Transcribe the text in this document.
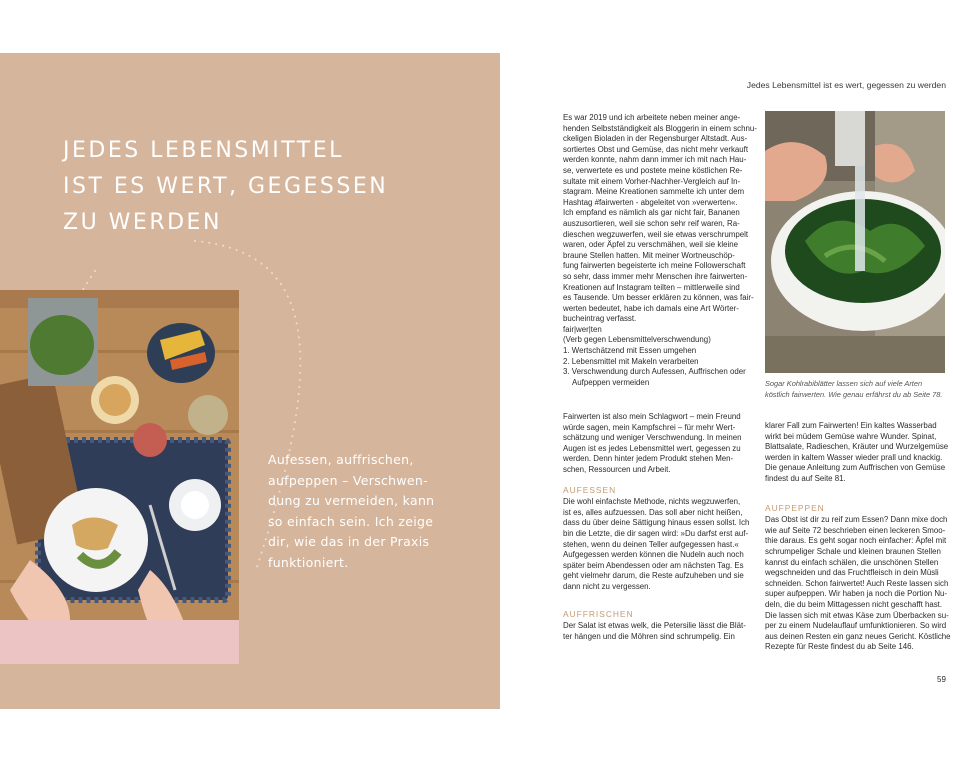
JEDES LEBENSMITTEL
IST ES WERT, GEGESSEN
ZU WERDEN
Aufessen, auffrischen,
aufpeppen – Verschwen-
dung zu vermeiden, kann
so einfach sein. Ich zeige
dir, wie das in der Praxis
funktioniert.
Jedes Lebensmittel ist es wert, gegessen zu werden
Es war 2019 und ich arbeitete neben meiner ange-
henden Selbstständigkeit als Bloggerin in einem schnu-
ckeligen Bioladen in der Regensburger Altstadt. Aus-
sortiertes Obst und Gemüse, das nicht mehr verkauft
werden konnte, nahm dann immer ich mit nach Hau-
se, verwertete es und postete meine köstlichen Re-
sultate mit einem Vorher-Nachher-Vergleich auf In-
stagram. Meine Kreationen sammelte ich unter dem
Hashtag #fairwerten - abgeleitet von »verwerten«.
Ich empfand es nämlich als gar nicht fair, Bananen
auszusortieren, weil sie schon sehr reif waren, Ra-
dieschen wegzuwerfen, weil sie etwas verschrumpelt
waren, oder Äpfel zu verschmähen, weil sie kleine
braune Stellen hatten. Mit meiner Wortneuschöp-
fung fairwerten begeisterte ich meine Followerschaft
so sehr, dass immer mehr Menschen ihre fairwerten-
Kreationen auf Instagram teilten – mittlerweile sind
es Tausende. Um besser erklären zu können, was fair-
werten bedeutet, habe ich damals eine Art Wörter-
bucheintrag verfasst.
fair|wer|ten
(Verb gegen Lebensmittelverschwendung)
1. Wertschätzend mit Essen umgehen
2. Lebensmittel mit Makeln verarbeiten
3. Verschwendung durch Aufessen, Auffrischen oder
Aufpeppen vermeiden
Fairwerten ist also mein Schlagwort – mein Freund
würde sagen, mein Kampfschrei – für mehr Wert-
schätzung und weniger Verschwendung. In meinen
Augen ist es jedes Lebensmittel wert, gegessen zu
werden. Denn hinter jedem Produkt stehen Men-
schen, Ressourcen und Arbeit.
AUFESSEN
Die wohl einfachste Methode, nichts wegzuwerfen,
ist es, alles aufzuessen. Das soll aber nicht heißen,
dass du über deine Sättigung hinaus essen sollst. Ich
bin die Letzte, die dir sagen wird: »Du darfst erst auf-
stehen, wenn du deinen Teller aufgegessen hast.«
Aufgegessen werden können die Nudeln auch noch
später beim Abendessen oder am nächsten Tag. Es
geht vielmehr darum, die Reste aufzuheben und sie
dann nicht zu vergessen.
AUFFRISCHEN
Der Salat ist etwas welk, die Petersilie lässt die Blät-
ter hängen und die Möhren sind schrumpelig. Ein
Sogar Kohlrabiblätter lassen sich auf viele Arten
köstlich fairwerten. Wie genau erfährst du ab Seite 78.
klarer Fall zum Fairwerten! Ein kaltes Wasserbad
wirkt bei müdem Gemüse wahre Wunder. Spinat,
Blattsalate, Radieschen, Kräuter und Wurzelgemüse
werden in kaltem Wasser wieder prall und knackig.
Die genaue Anleitung zum Auffrischen von Gemüse
findest du auf Seite 81.
AUFPEPPEN
Das Obst ist dir zu reif zum Essen? Dann mixe doch
wie auf Seite 72 beschrieben einen leckeren Smoo-
thie daraus. Es geht sogar noch einfacher: Äpfel mit
schrumpeliger Schale und kleinen braunen Stellen
kannst du einfach schälen, die unschönen Stellen
wegschneiden und das Fruchtfleisch in dein Müsli
schneiden. Schon fairwertet! Auch Reste lassen sich
super aufpeppen. Wir haben ja noch die Portion Nu-
deln, die du beim Mittagessen nicht geschafft hast.
Die lassen sich mit etwas Käse zum Überbacken su-
per zu einem Nudelauflauf umfunktionieren. So wird
aus deinen Resten ein ganz neues Gericht. Köstliche
Rezepte für Reste findest du ab Seite 146.
59
